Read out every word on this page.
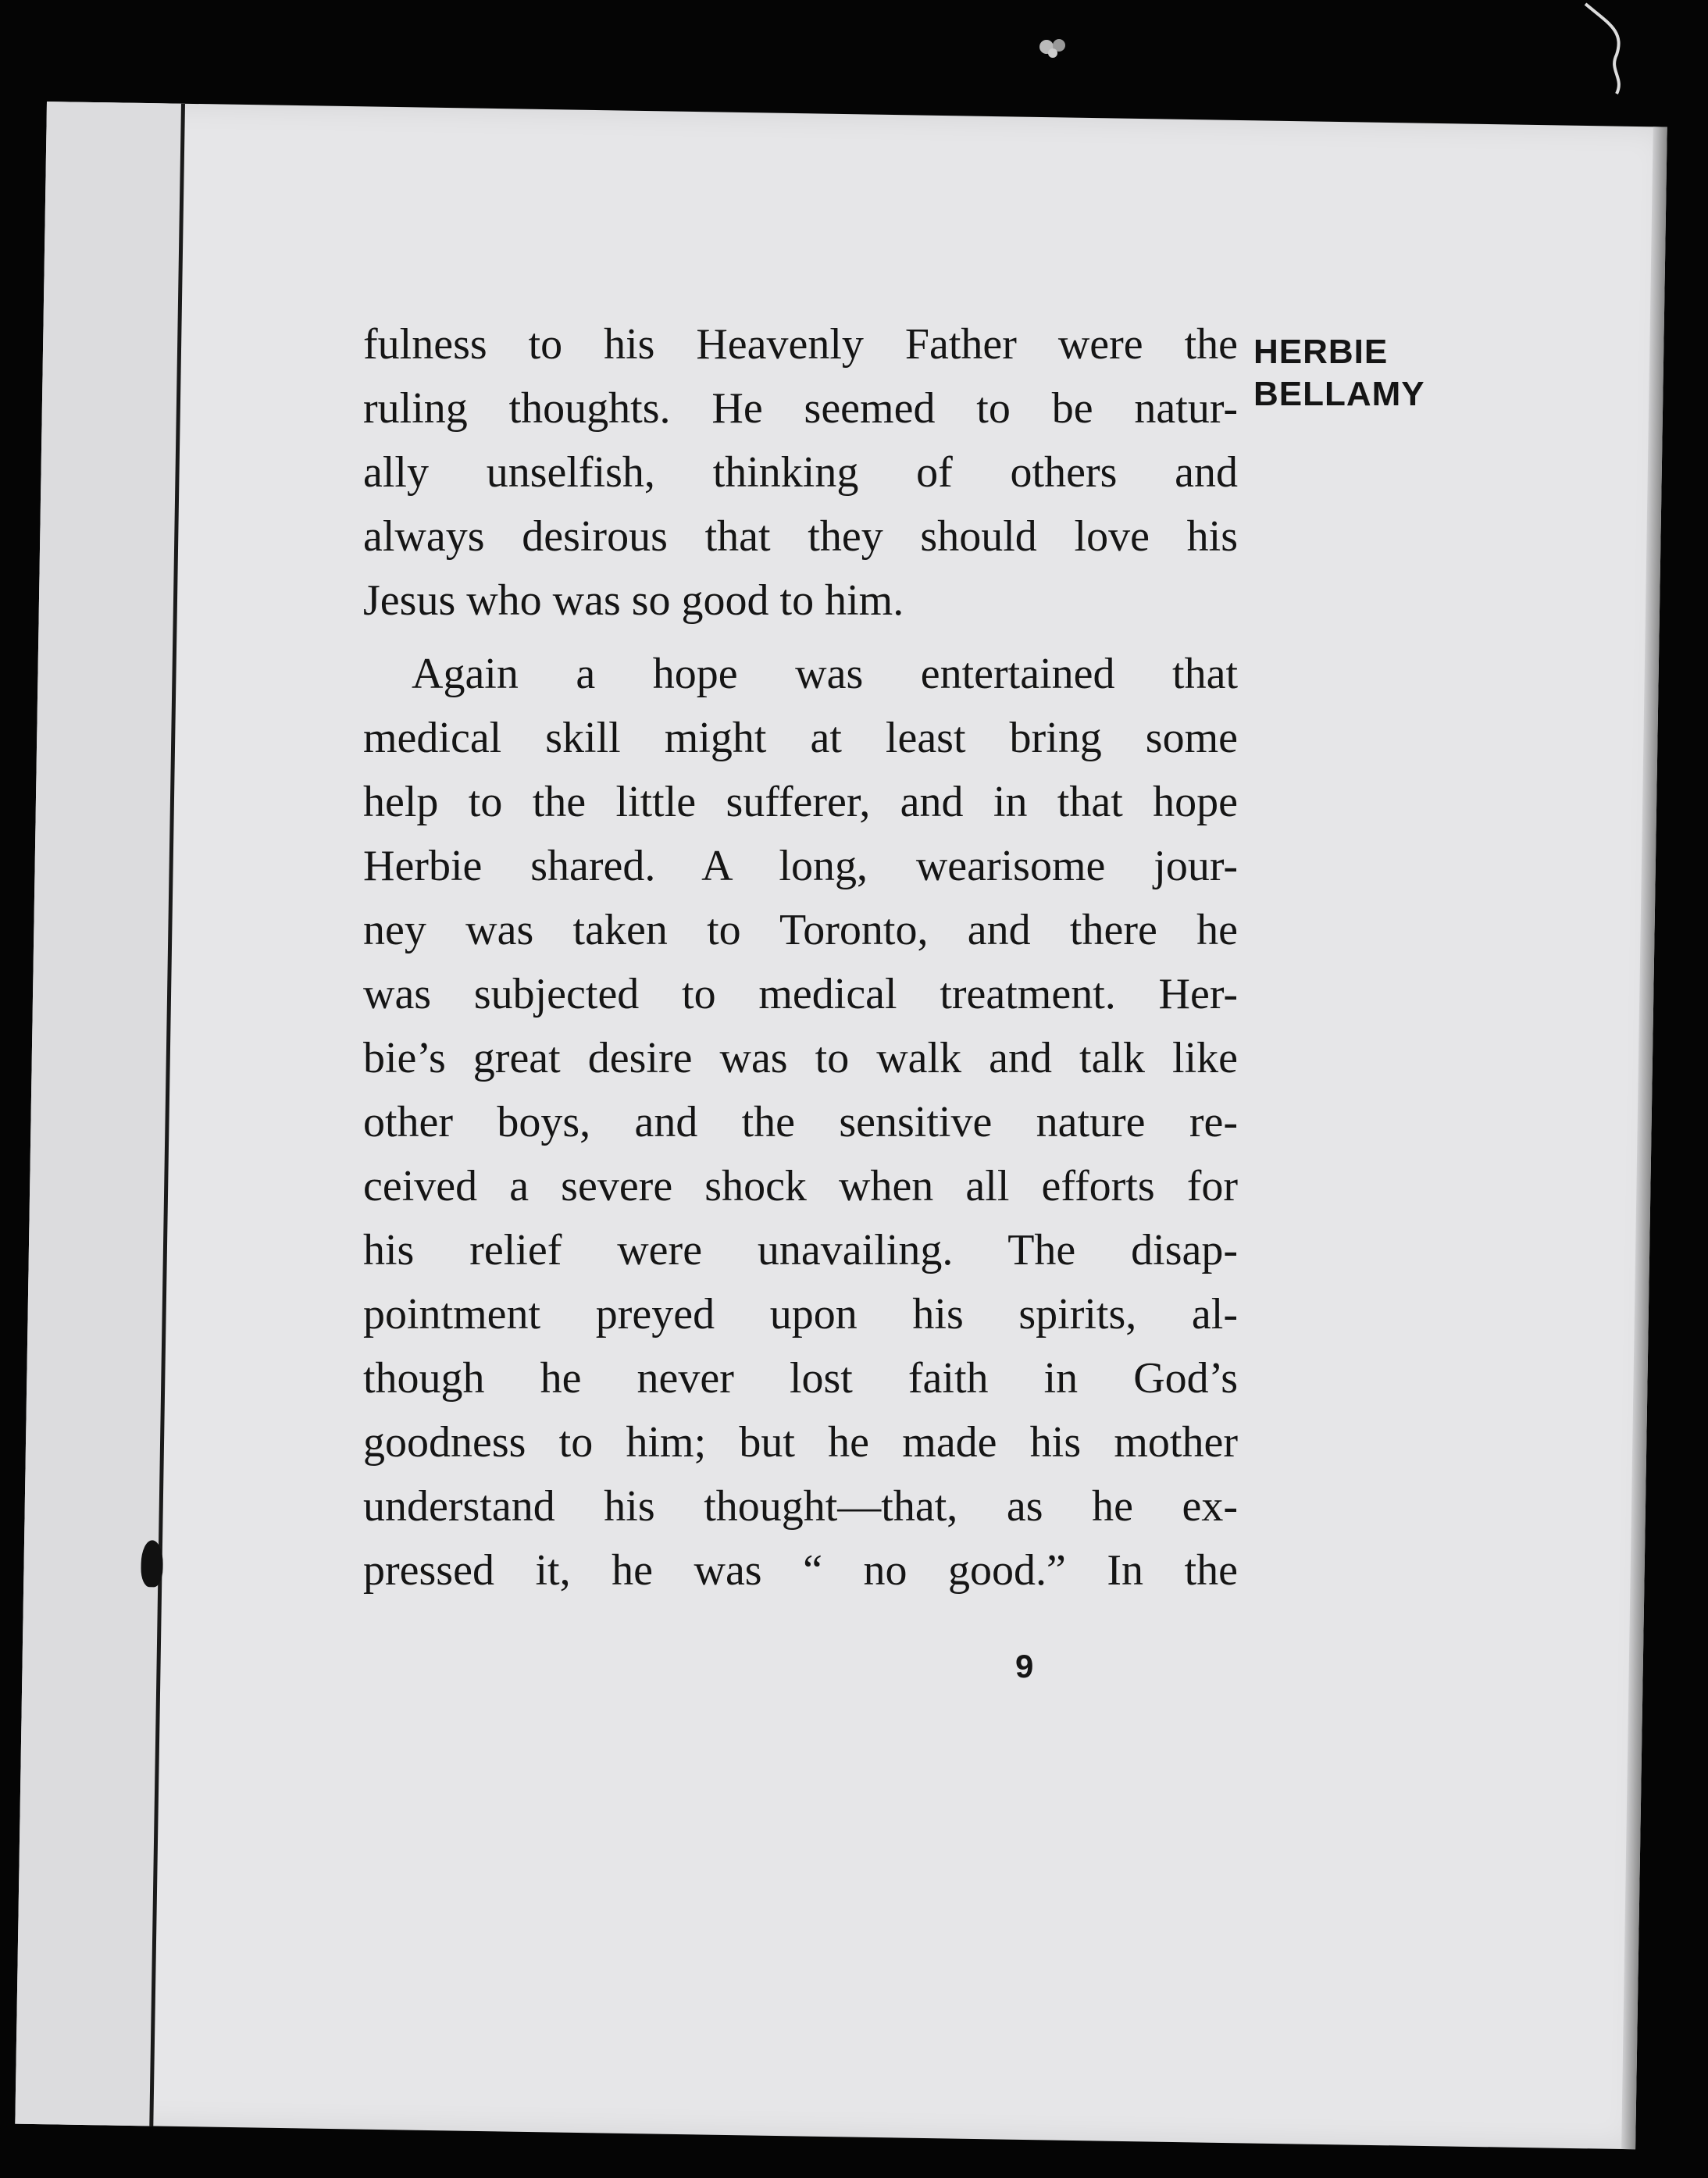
fulness to his Heavenly Father were the
ruling thoughts. He seemed to be natur-
ally unselfish, thinking of others and
always desirous that they should love his
Jesus who was so good to him.
Again a hope was entertained that
medical skill might at least bring some
help to the little sufferer, and in that hope
Herbie shared. A long, wearisome jour-
ney was taken to Toronto, and there he
was subjected to medical treatment. Her-
bie’s great desire was to walk and talk like
other boys, and the sensitive nature re-
ceived a severe shock when all efforts for
his relief were unavailing. The disap-
pointment preyed upon his spirits, al-
though he never lost faith in God’s
goodness to him; but he made his mother
understand his thought—that, as he ex-
pressed it, he was “ no good.” In the
HERBIE
BELLAMY
9
